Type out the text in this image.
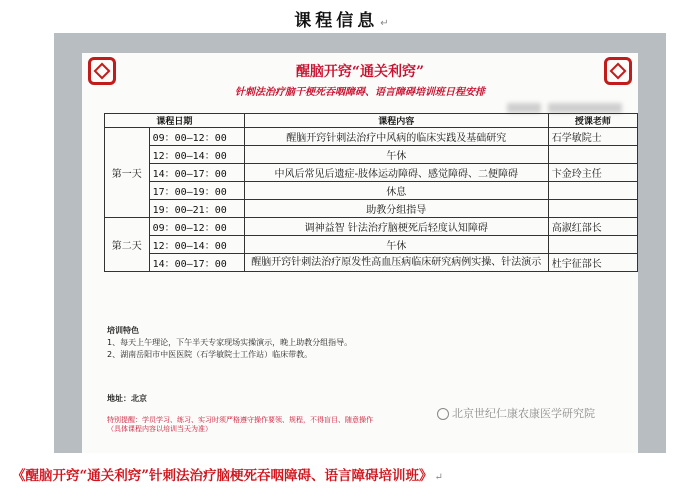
课程信息 ↵
醒脑开窍“通关利窍”
针刺法治疗脑干梗死吞咽障碍、语言障碍培训班日程安排
课程日期		课程内容	授课老师
第一天	09：00—12：00	醒脑开窍针刺法治疗中风病的临床实践及基础研究	石学敏院士
	12：00—14：00	午休	
	14：00—17：00	中风后常见后遗症-肢体运动障碍、感觉障碍、二便障碍	卞金玲主任
	17：00—19：00	休息	
	19：00—21：00	助教分组指导	
第二天	09：00—12：00	调神益智 针法治疗脑梗死后轻度认知障碍	高淑红部长
	12：00—14：00	午休	
	14：00—17：00	醒脑开窍针刺法治疗原发性高血压病临床研究病例实操、针法演示	杜宇征部长
培训特色
1、每天上午理论，下午半天专家现场实操演示，晚上助教分组指导。
2、湖南岳阳市中医医院（石学敏院士工作站）临床带教。
地址：北京
特别提醒：学员学习、练习、实习时须严格遵守操作要领、规程，不得盲目、随意操作
（具体课程内容以培训当天为准）
北京世纪仁康农康医学研究院
《醒脑开窍“通关利窍”针刺法治疗脑梗死吞咽障碍、语言障碍培训班》 ↵
